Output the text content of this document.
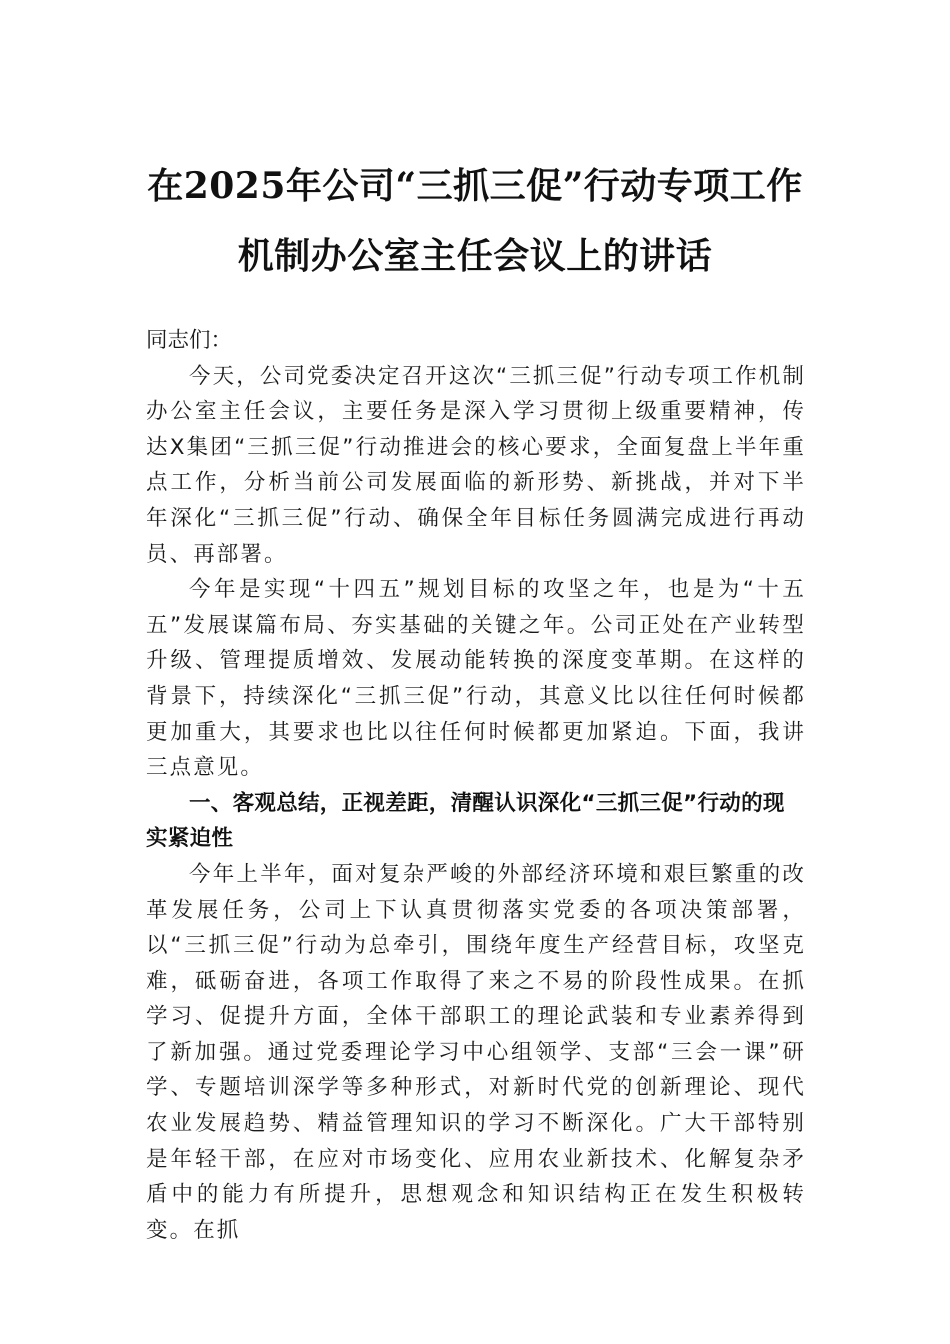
在2025年公司“三抓三促”行动专项工作
机制办公室主任会议上的讲话

同志们：

今天，公司党委决定召开这次“三抓三促”行动专项工作机制办公室主任会议，主要任务是深入学习贯彻上级重要精神，传达X集团“三抓三促”行动推进会的核心要求，全面复盘上半年重点工作，分析当前公司发展面临的新形势、新挑战，并对下半年深化“三抓三促”行动、确保全年目标任务圆满完成进行再动员、再部署。

今年是实现“十四五”规划目标的攻坚之年，也是为“十五五”发展谋篇布局、夯实基础的关键之年。公司正处在产业转型升级、管理提质增效、发展动能转换的深度变革期。在这样的背景下，持续深化“三抓三促”行动，其意义比以往任何时候都更加重大，其要求也比以往任何时候都更加紧迫。下面，我讲三点意见。

一、客观总结，正视差距，清醒认识深化“三抓三促”行动的现实紧迫性

今年上半年，面对复杂严峻的外部经济环境和艰巨繁重的改革发展任务，公司上下认真贯彻落实党委的各项决策部署，以“三抓三促”行动为总牵引，围绕年度生产经营目标，攻坚克难，砥砺奋进，各项工作取得了来之不易的阶段性成果。在抓学习、促提升方面，全体干部职工的理论武装和专业素养得到了新加强。通过党委理论学习中心组领学、支部“三会一课”研学、专题培训深学等多种形式，对新时代党的创新理论、现代农业发展趋势、精益管理知识的学习不断深化。广大干部特别是年轻干部，在应对市场变化、应用农业新技术、化解复杂矛盾中的能力有所提升，思想观念和知识结构正在发生积极转变。在抓
